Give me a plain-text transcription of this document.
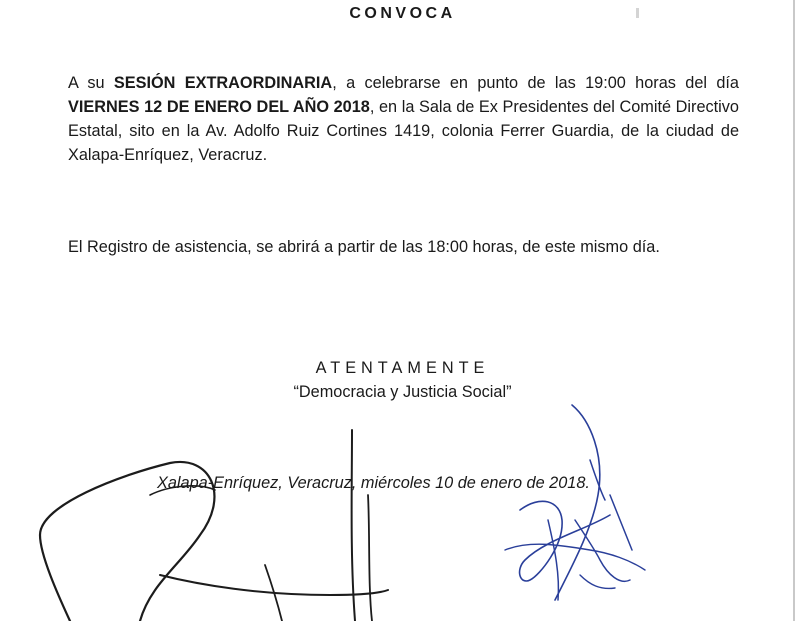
CONVOCA

A su SESIÓN EXTRAORDINARIA, a celebrarse en punto de las 19:00 horas del día VIERNES 12 DE ENERO DEL AÑO 2018, en la Sala de Ex Presidentes del Comité Directivo Estatal, sito en la Av. Adolfo Ruiz Cortines 1419, colonia Ferrer Guardia, de la ciudad de Xalapa-Enríquez, Veracruz.

El Registro de asistencia, se abrirá a partir de las 18:00 horas, de este mismo día.

ATENTAMENTE

“Democracia y Justicia Social”

Xalapa-Enríquez, Veracruz, miércoles 10 de enero de 2018.
